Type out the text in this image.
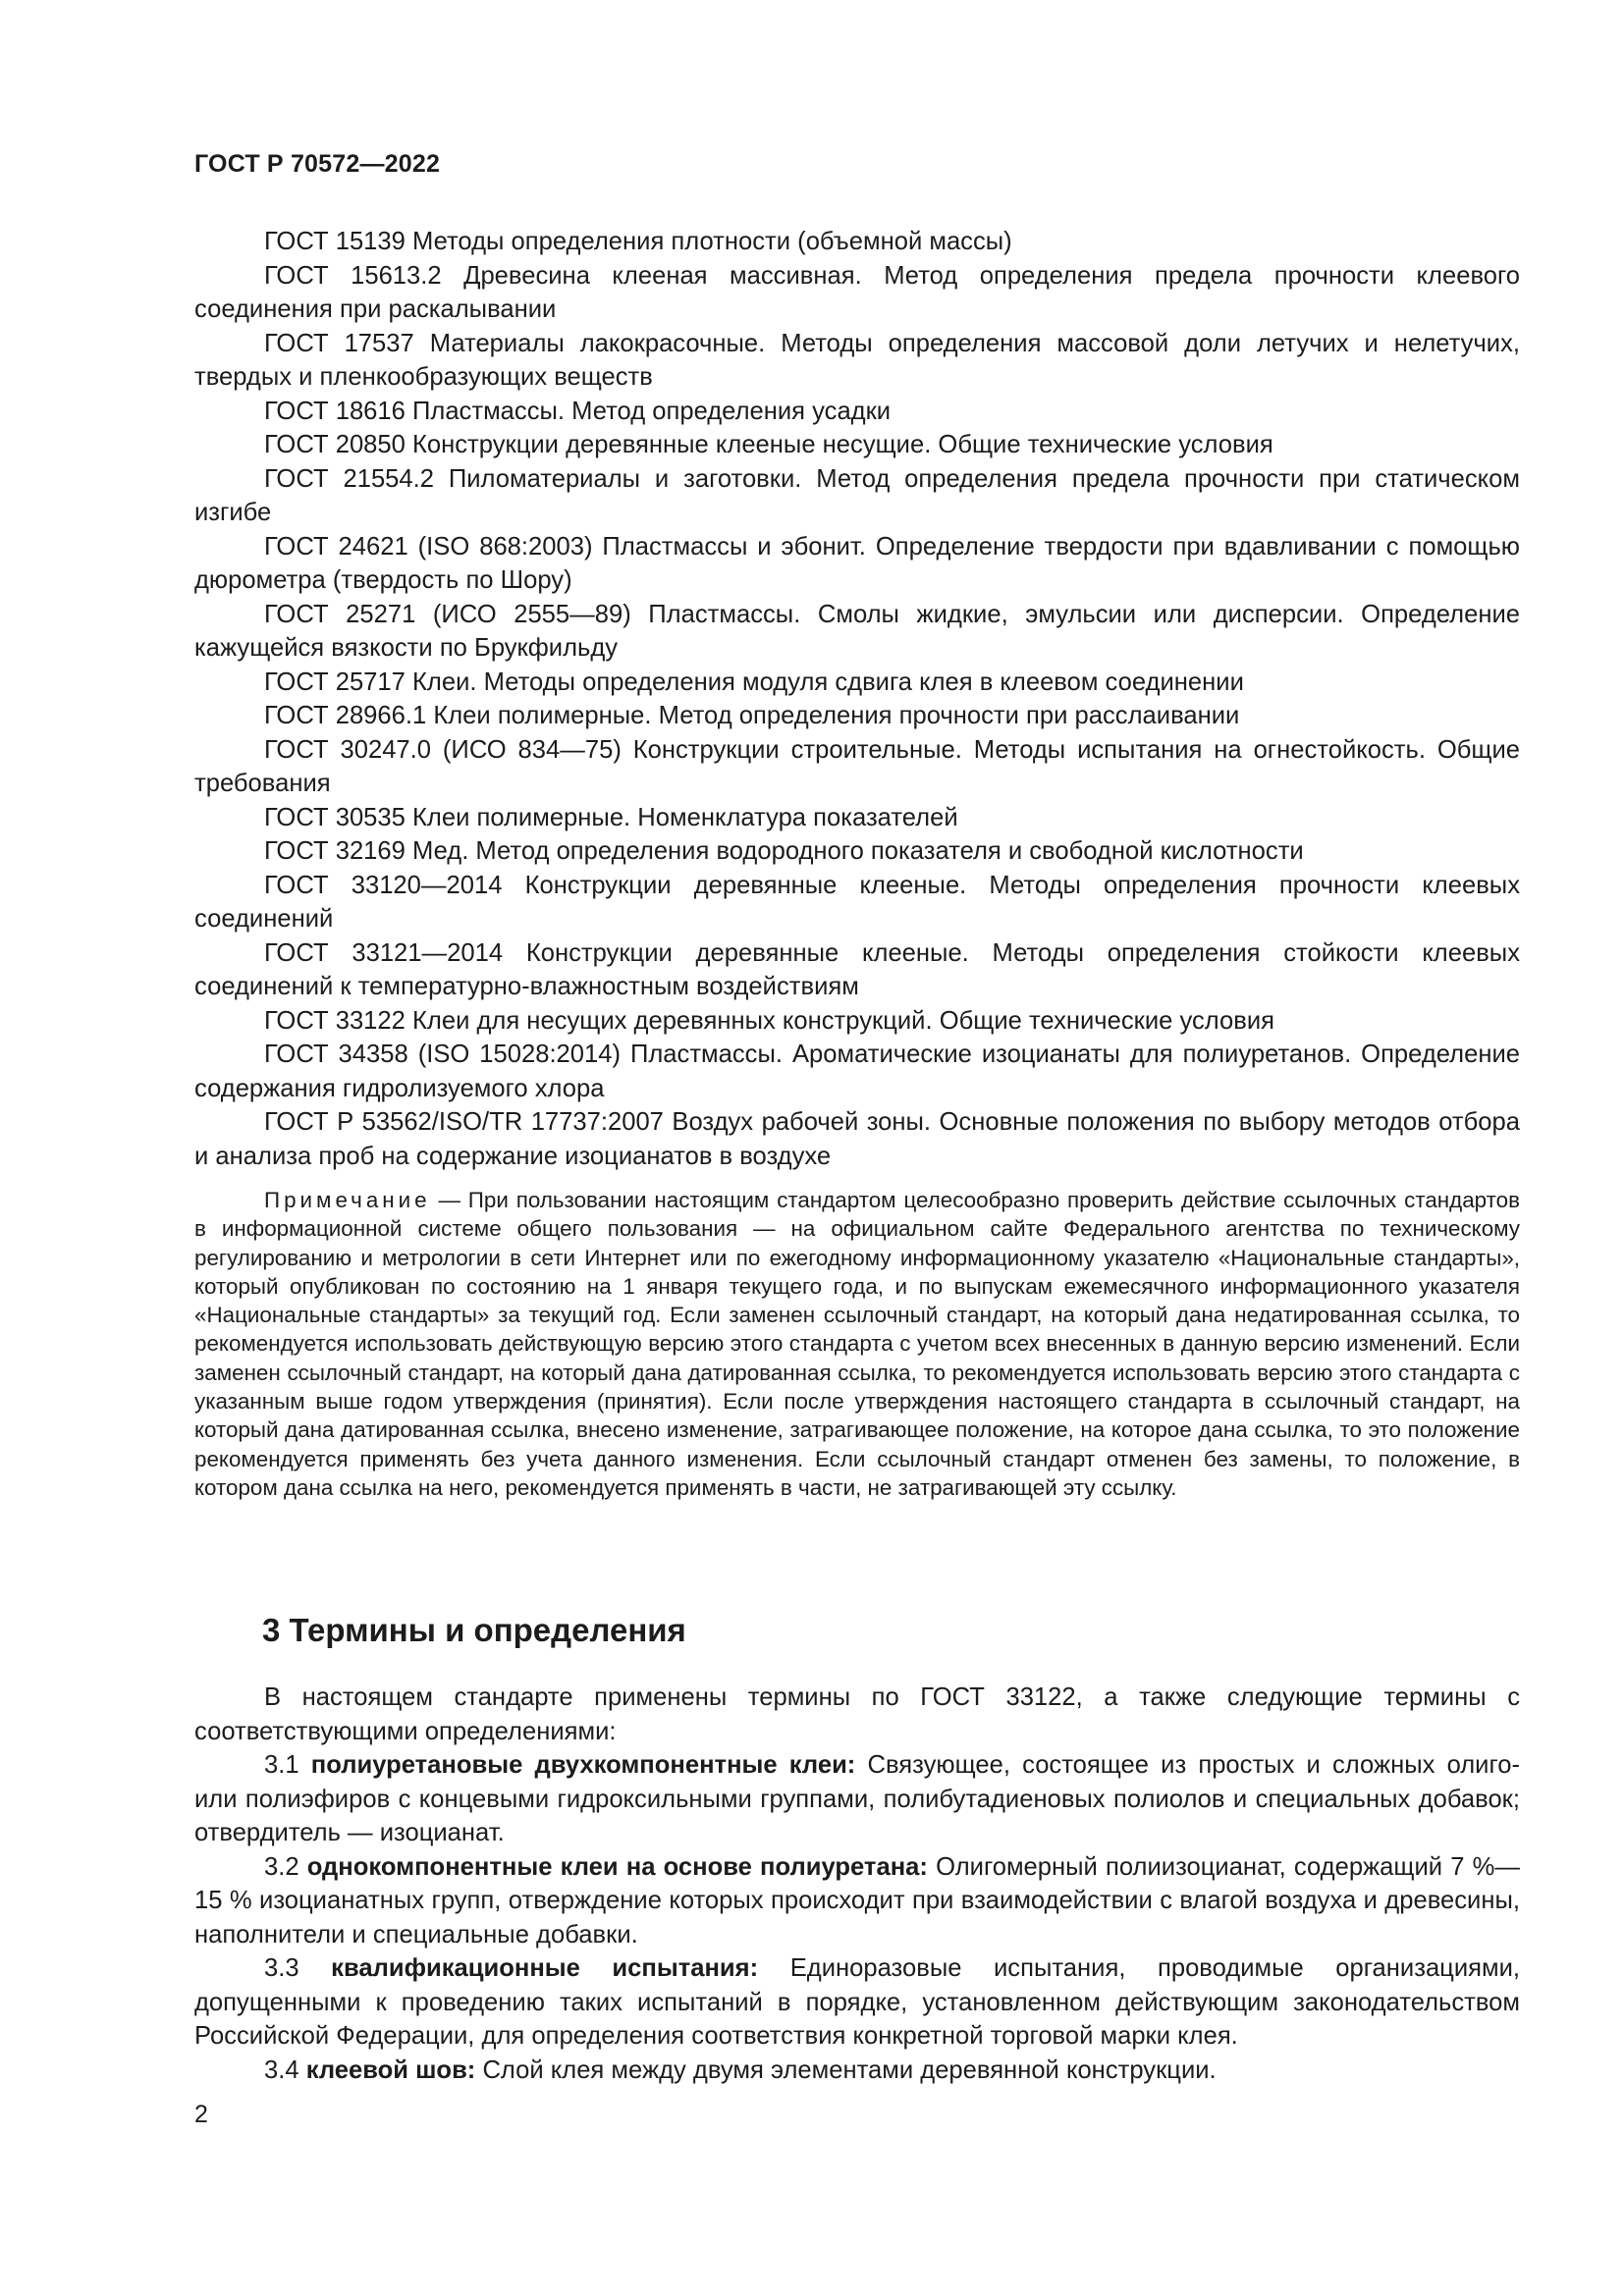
ГОСТ Р 70572—2022

ГОСТ 15139 Методы определения плотности (объемной массы)

ГОСТ 15613.2 Древесина клееная массивная. Метод определения предела прочности клеевого соединения при раскалывании

ГОСТ 17537 Материалы лакокрасочные. Методы определения массовой доли летучих и нелетучих, твердых и пленкообразующих веществ

ГОСТ 18616 Пластмассы. Метод определения усадки

ГОСТ 20850 Конструкции деревянные клееные несущие. Общие технические условия

ГОСТ 21554.2 Пиломатериалы и заготовки. Метод определения предела прочности при статическом изгибе

ГОСТ 24621 (ISO 868:2003) Пластмассы и эбонит. Определение твердости при вдавливании с помощью дюрометра (твердость по Шору)

ГОСТ 25271 (ИСО 2555—89) Пластмассы. Смолы жидкие, эмульсии или дисперсии. Определение кажущейся вязкости по Брукфильду

ГОСТ 25717 Клеи. Методы определения модуля сдвига клея в клеевом соединении

ГОСТ 28966.1 Клеи полимерные. Метод определения прочности при расслаивании

ГОСТ 30247.0 (ИСО 834—75) Конструкции строительные. Методы испытания на огнестойкость. Общие требования

ГОСТ 30535 Клеи полимерные. Номенклатура показателей

ГОСТ 32169 Мед. Метод определения водородного показателя и свободной кислотности

ГОСТ 33120—2014 Конструкции деревянные клееные. Методы определения прочности клеевых соединений

ГОСТ 33121—2014 Конструкции деревянные клееные. Методы определения стойкости клеевых соединений к температурно-влажностным воздействиям

ГОСТ 33122 Клеи для несущих деревянных конструкций. Общие технические условия

ГОСТ 34358 (ISO 15028:2014) Пластмассы. Ароматические изоцианаты для полиуретанов. Определение содержания гидролизуемого хлора

ГОСТ Р 53562/ISO/TR 17737:2007 Воздух рабочей зоны. Основные положения по выбору методов отбора и анализа проб на содержание изоцианатов в воздухе

Примечание — При пользовании настоящим стандартом целесообразно проверить действие ссылочных стандартов в информационной системе общего пользования — на официальном сайте Федерального агентства по техническому регулированию и метрологии в сети Интернет или по ежегодному информационному указателю «Национальные стандарты», который опубликован по состоянию на 1 января текущего года, и по выпускам ежемесячного информационного указателя «Национальные стандарты» за текущий год. Если заменен ссылочный стандарт, на который дана недатированная ссылка, то рекомендуется использовать действующую версию этого стандарта с учетом всех внесенных в данную версию изменений. Если заменен ссылочный стандарт, на который дана датированная ссылка, то рекомендуется использовать версию этого стандарта с указанным выше годом утверждения (принятия). Если после утверждения настоящего стандарта в ссылочный стандарт, на который дана датированная ссылка, внесено изменение, затрагивающее положение, на которое дана ссылка, то это положение рекомендуется применять без учета данного изменения. Если ссылочный стандарт отменен без замены, то положение, в котором дана ссылка на него, рекомендуется применять в части, не затрагивающей эту ссылку.

3 Термины и определения

В настоящем стандарте применены термины по ГОСТ 33122, а также следующие термины с соответствующими определениями:

3.1 полиуретановые двухкомпонентные клеи: Связующее, состоящее из простых и сложных олиго- или полиэфиров с концевыми гидроксильными группами, полибутадиеновых полиолов и специальных добавок; отвердитель — изоцианат.

3.2 однокомпонентные клеи на основе полиуретана: Олигомерный полиизоцианат, содержащий 7 %—15 % изоцианатных групп, отверждение которых происходит при взаимодействии с влагой воздуха и древесины, наполнители и специальные добавки.

3.3 квалификационные испытания: Единоразовые испытания, проводимые организациями, допущенными к проведению таких испытаний в порядке, установленном действующим законодательством Российской Федерации, для определения соответствия конкретной торговой марки клея.

3.4 клеевой шов: Слой клея между двумя элементами деревянной конструкции.

2
